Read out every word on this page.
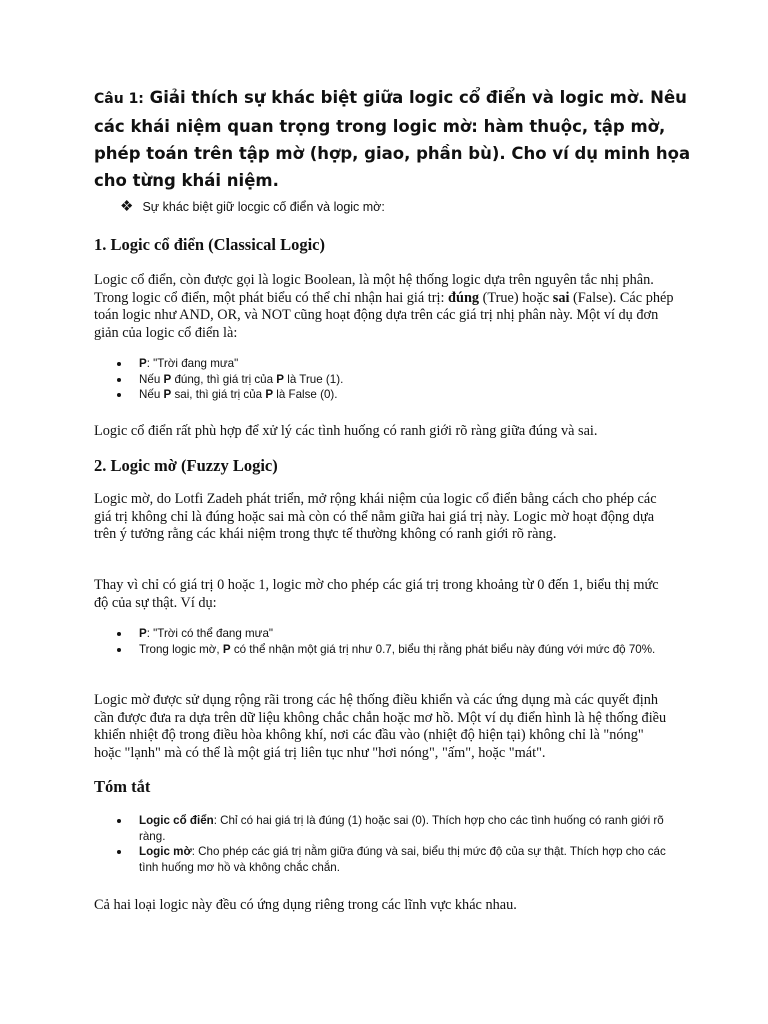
Câu 1: Giải thích sự khác biệt giữa logic cổ điển và logic mờ. Nêu các khái niệm quan trọng trong logic mờ: hàm thuộc, tập mờ, phép toán trên tập mờ (hợp, giao, phần bù). Cho ví dụ minh họa cho từng khái niệm.

❖ Sự khác biệt giữ locgic cố điển và logic mờ:
1. Logic cổ điển (Classical Logic)

Logic cổ điển, còn được gọi là logic Boolean, là một hệ thống logic dựa trên nguyên tắc nhị phân. Trong logic cổ điển, một phát biểu có thể chỉ nhận hai giá trị: đúng (True) hoặc sai (False). Các phép toán logic như AND, OR, và NOT cũng hoạt động dựa trên các giá trị nhị phân này. Một ví dụ đơn giản của logic cổ điển là:

P: "Trời đang mưa"
Nếu P đúng, thì giá trị của P là True (1).
Nếu P sai, thì giá trị của P là False (0).

Logic cổ điển rất phù hợp để xử lý các tình huống có ranh giới rõ ràng giữa đúng và sai.

2. Logic mờ (Fuzzy Logic)

Logic mờ, do Lotfi Zadeh phát triển, mở rộng khái niệm của logic cổ điển bằng cách cho phép các giá trị không chỉ là đúng hoặc sai mà còn có thể nằm giữa hai giá trị này. Logic mờ hoạt động dựa trên ý tưởng rằng các khái niệm trong thực tế thường không có ranh giới rõ ràng.

Thay vì chỉ có giá trị 0 hoặc 1, logic mờ cho phép các giá trị trong khoảng từ 0 đến 1, biểu thị mức độ của sự thật. Ví dụ:

P: "Trời có thể đang mưa"
Trong logic mờ, P có thể nhận một giá trị như 0.7, biểu thị rằng phát biểu này đúng với mức độ 70%.

Logic mờ được sử dụng rộng rãi trong các hệ thống điều khiển và các ứng dụng mà các quyết định cần được đưa ra dựa trên dữ liệu không chắc chắn hoặc mơ hồ. Một ví dụ điển hình là hệ thống điều khiển nhiệt độ trong điều hòa không khí, nơi các đầu vào (nhiệt độ hiện tại) không chỉ là "nóng" hoặc "lạnh" mà có thể là một giá trị liên tục như "hơi nóng", "ấm", hoặc "mát".

Tóm tắt
Logic cổ điển: Chỉ có hai giá trị là đúng (1) hoặc sai (0). Thích hợp cho các tình huống có ranh giới rõ ràng.
Logic mờ: Cho phép các giá trị nằm giữa đúng và sai, biểu thị mức độ của sự thật. Thích hợp cho các tình huống mơ hồ và không chắc chắn.

Cả hai loại logic này đều có ứng dụng riêng trong các lĩnh vực khác nhau.
